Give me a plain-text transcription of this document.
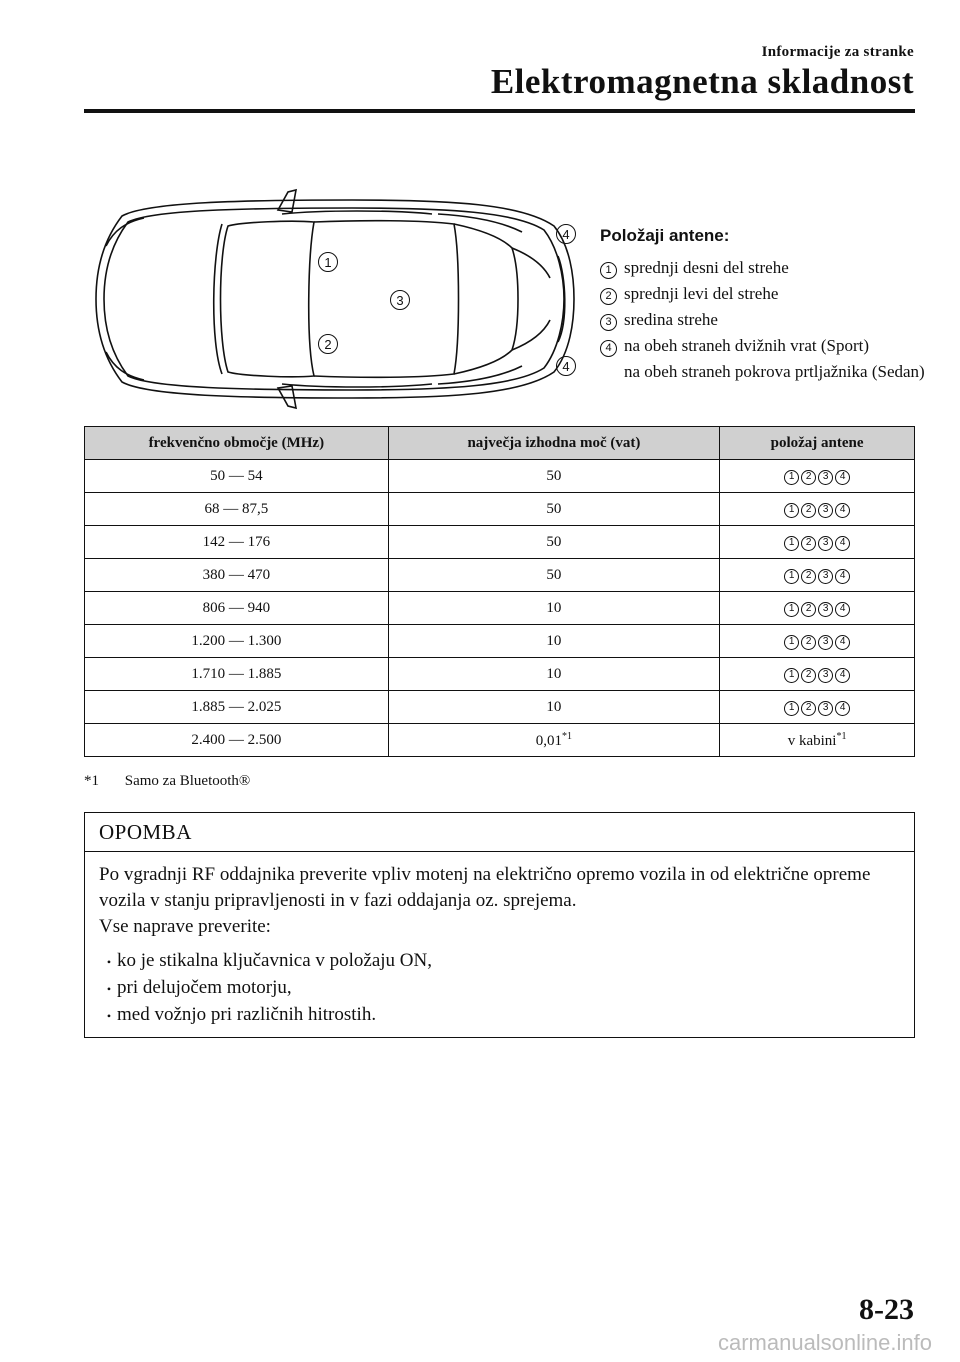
Informacije za stranke
Elektromagnetna skladnost
1
2
3
4
4
Položaji antene:
1 sprednji desni del strehe
2 sprednji levi del strehe
3 sredina strehe
4 na obeh straneh dvižnih vrat (Sport)
na obeh straneh pokrova prtljažnika (Sedan)
frekvenčno območje (MHz)	največja izhodna moč (vat)	položaj antene
50 — 54	50	1 2 3 4
68 — 87,5	50	1 2 3 4
142 — 176	50	1 2 3 4
380 — 470	50	1 2 3 4
806 — 940	10	1 2 3 4
1.200 — 1.300	10	1 2 3 4
1.710 — 1.885	10	1 2 3 4
1.885 — 2.025	10	1 2 3 4
2.400 — 2.500	0,01$^{*1}$	v kabini$^{*1}$
*1 Samo za Bluetooth®
OPOMBA

Po vgradnji RF oddajnika preverite vpliv motenj na električno opremo vozila in od električne opreme vozila v stanju pripravljenosti in v fazi oddajanja oz. sprejema.

Vse naprave preverite:

• ko je stikalna ključavnica v položaju ON,
• pri delujočem motorju,
• med vožnjo pri različnih hitrostih.
8-23
carmanualsonline.info
